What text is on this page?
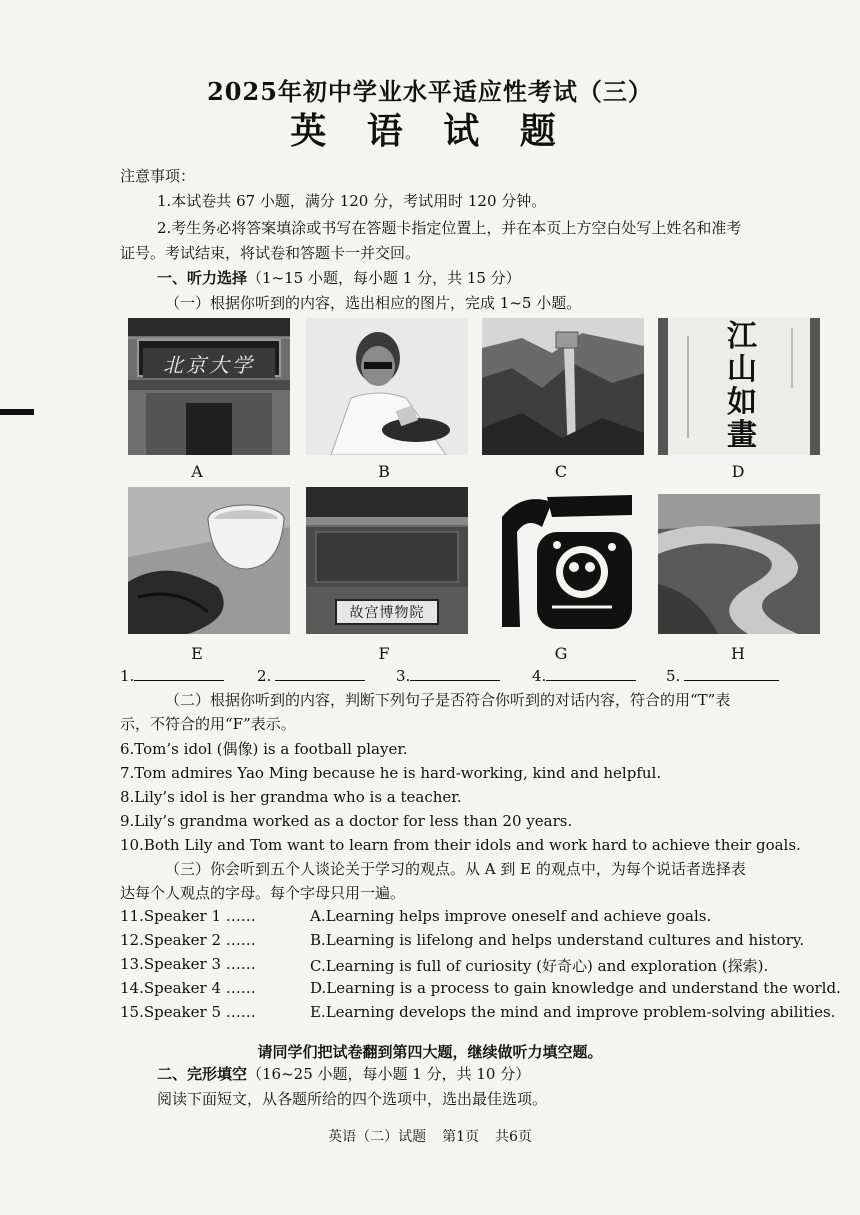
2025年初中学业水平适应性考试（三）
英 语 试 题
注意事项：
1.本试卷共 67 小题，满分 120 分，考试用时 120 分钟。
2.考生务必将答案填涂或书写在答题卡指定位置上，并在本页上方空白处写上姓名和准考
证号。考试结束，将试卷和答题卡一并交回。
一、听力选择（1~15 小题，每小题 1 分，共 15 分）
（一）根据你听到的内容，选出相应的图片，完成 1~5 小题。
北京大学
A	B	C
江
山
如
畫
D
E
故宫博物院
F	G	H
1.	2.	3.	4.	5.
（二）根据你听到的内容，判断下列句子是否符合你听到的对话内容，符合的用“T”表
示，不符合的用“F”表示。
6.Tom’s idol (偶像) is a football player.
7.Tom admires Yao Ming because he is hard-working, kind and helpful.
8.Lily’s idol is her grandma who is a teacher.
9.Lily’s grandma worked as a doctor for less than 20 years.
10.Both Lily and Tom want to learn from their idols and work hard to achieve their goals.
（三）你会听到五个人谈论关于学习的观点。从 A 到 E 的观点中，为每个说话者选择表
达每个人观点的字母。每个字母只用一遍。
11.Speaker 1 ……	A.Learning helps improve oneself and achieve goals.
12.Speaker 2 ……	B.Learning is lifelong and helps understand cultures and history.
13.Speaker 3 ……	C.Learning is full of curiosity (好奇心) and exploration (探索).
14.Speaker 4 ……	D.Learning is a process to gain knowledge and understand the world.
15.Speaker 5 ……	E.Learning develops the mind and improve problem-solving abilities.
请同学们把试卷翻到第四大题，继续做听力填空题。
二、完形填空（16~25 小题，每小题 1 分，共 10 分）
阅读下面短文，从各题所给的四个选项中，选出最佳选项。
英语（二）试题 第1页 共6页
